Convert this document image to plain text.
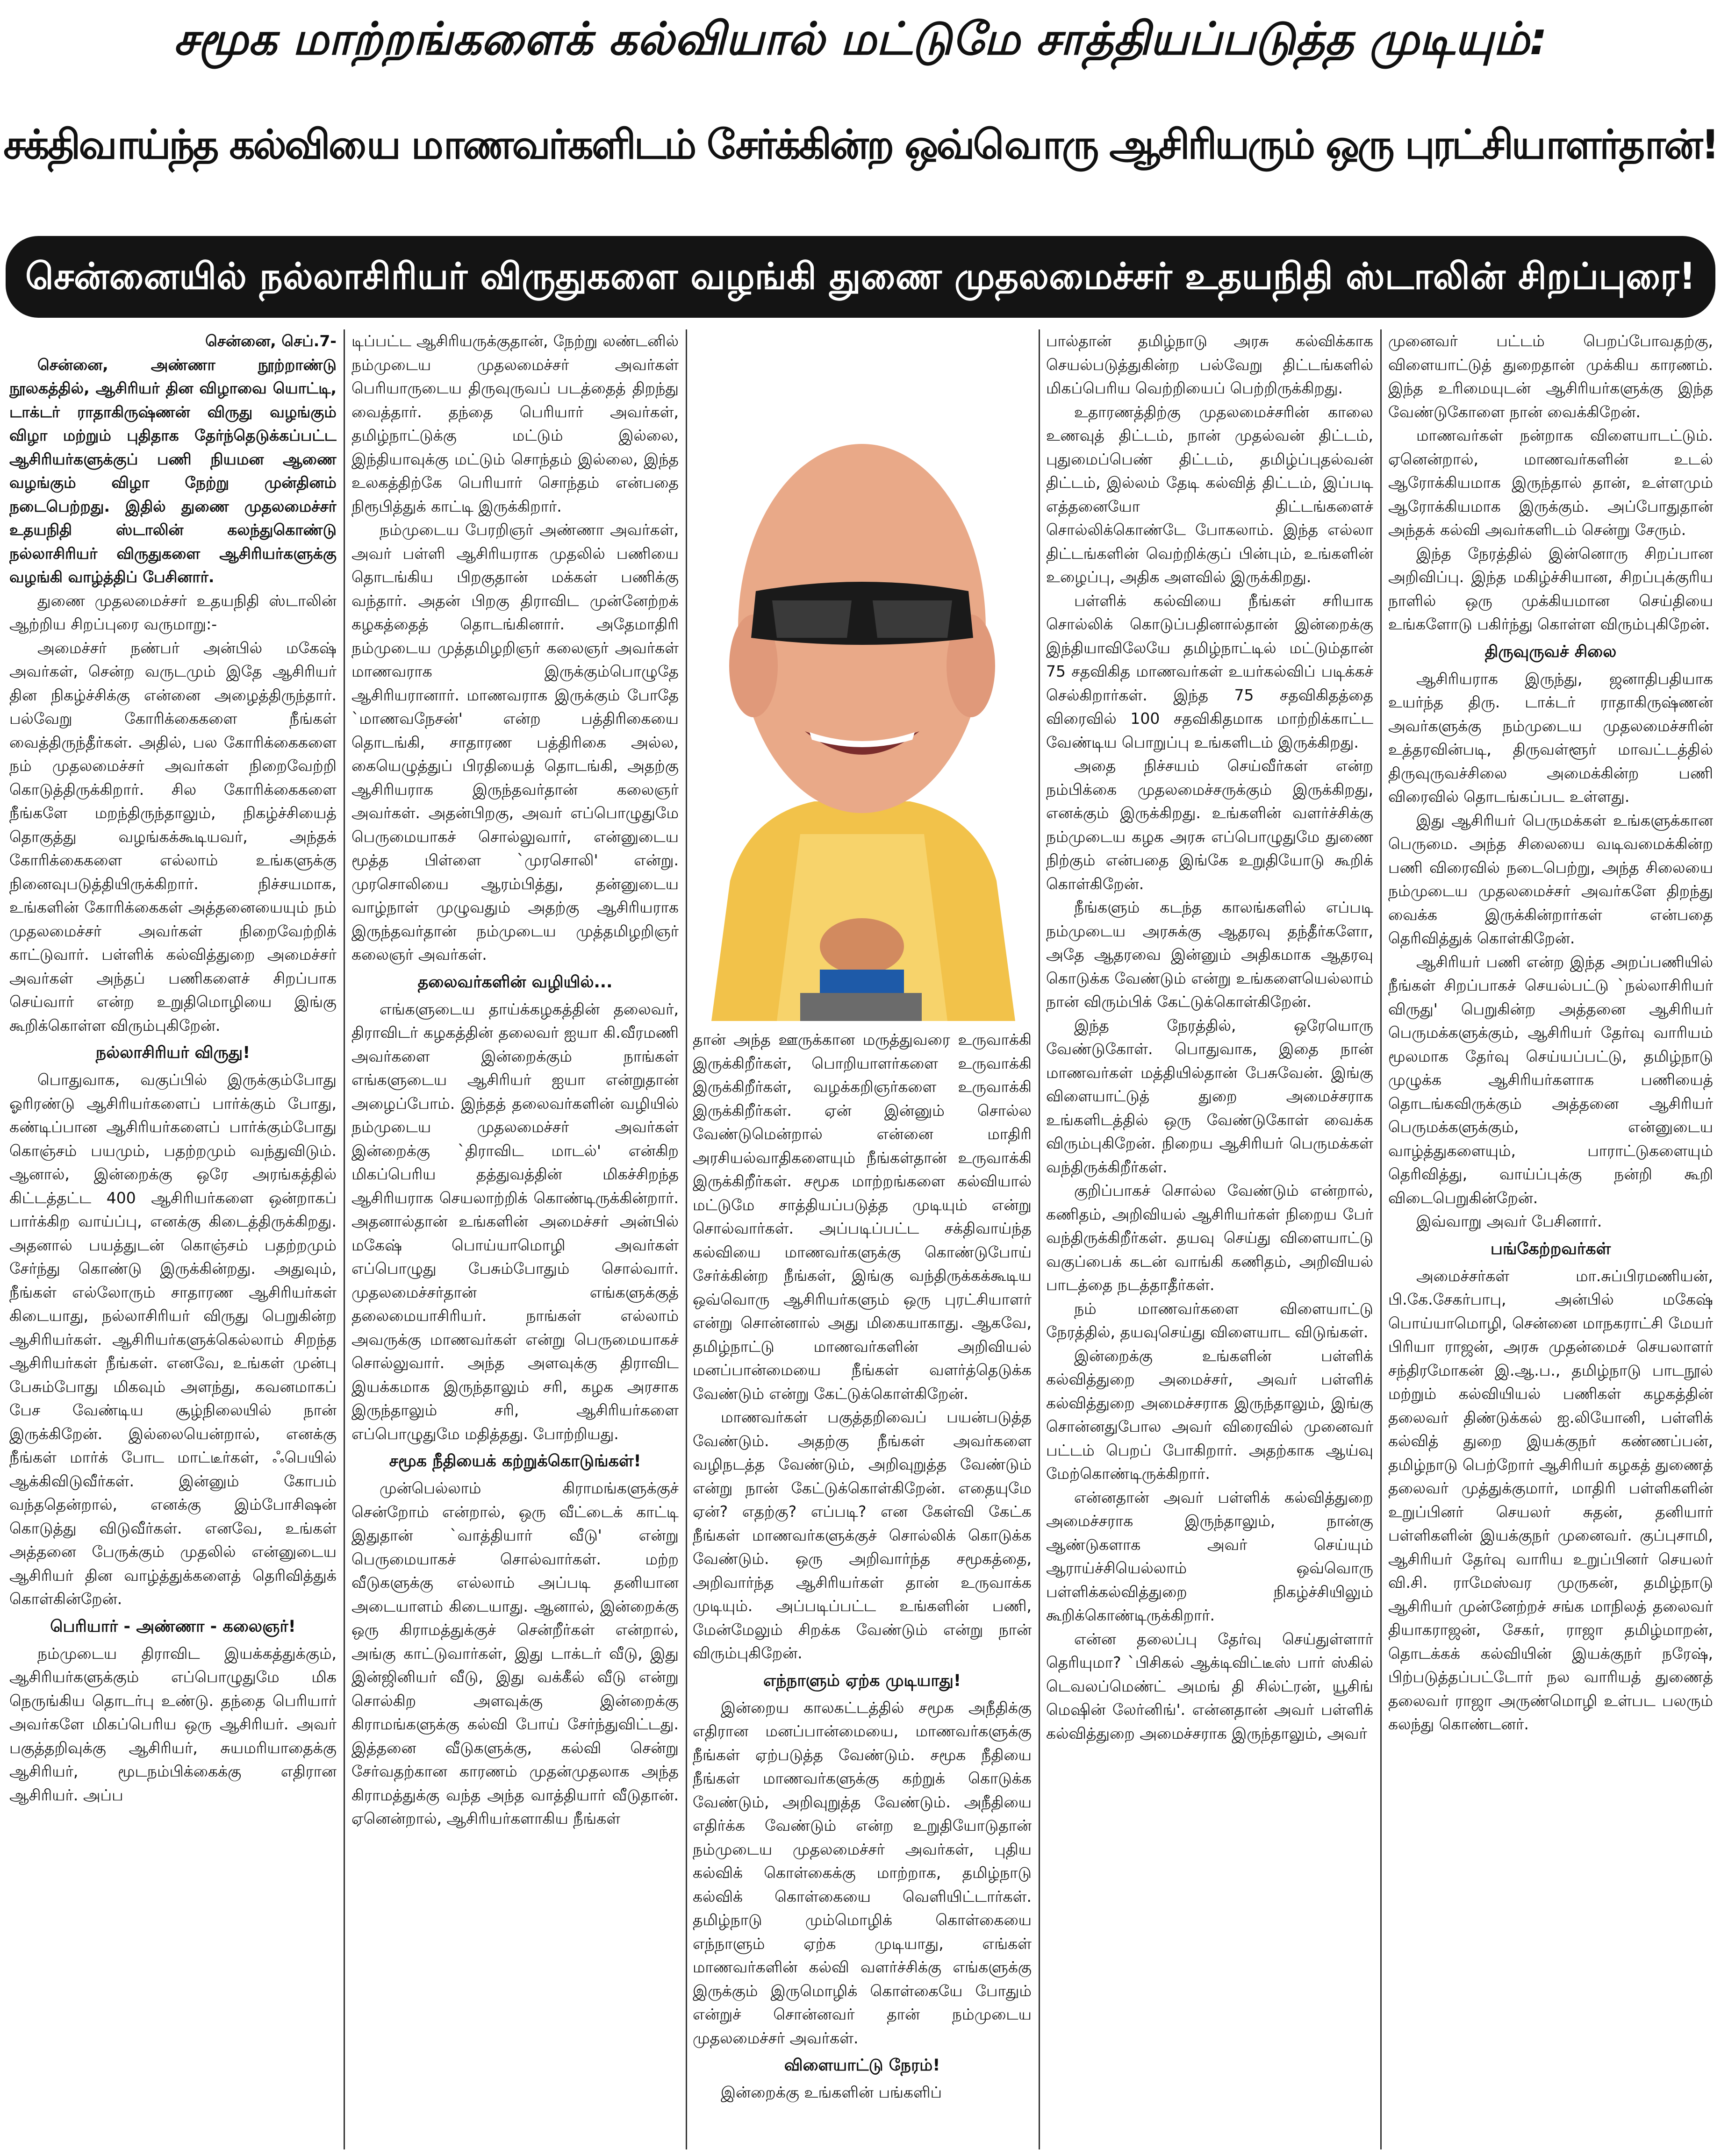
சமூக மாற்றங்களைக் கல்வியால் மட்டுமே சாத்தியப்படுத்த முடியும்:
சக்திவாய்ந்த கல்வியை மாணவர்களிடம் சேர்க்கின்ற ஒவ்வொரு ஆசிரியரும் ஒரு புரட்சியாளர்தான்!
சென்னையில் நல்லாசிரியர் விருதுகளை வழங்கி துணை முதலமைச்சர் உதயநிதி ஸ்டாலின் சிறப்புரை!

சென்னை, செப்.7-

சென்னை, அண்ணா நூற்றாண்டு நூலகத்தில், ஆசிரியர் தின விழாவை யொட்டி, டாக்டர் ராதாகிருஷ்ணன் விருது வழங்கும் விழா மற்றும் புதிதாக தேர்ந்தெடுக்கப்பட்ட ஆசிரியர்களுக்குப் பணி நியமன ஆணை வழங்கும் விழா நேற்று முன்தினம் நடைபெற்றது. இதில் துணை முதலமைச்சர் உதயநிதி ஸ்டாலின் கலந்துகொண்டு நல்லாசிரியர் விருதுகளை ஆசிரியர்களுக்கு வழங்கி வாழ்த்திப் பேசினார்.

துணை முதலமைச்சர் உதயநிதி ஸ்டாலின் ஆற்றிய சிறப்புரை வருமாறு:-

அமைச்சர் நண்பர் அன்பில் மகேஷ் அவர்கள், சென்ற வருடமும் இதே ஆசிரியர் தின நிகழ்ச்சிக்கு என்னை அழைத்திருந்தார். பல்வேறு கோரிக்கைகளை நீங்கள் வைத்திருந்தீர்கள். அதில், பல கோரிக்கைகளை நம் முதலமைச்சர் அவர்கள் நிறைவேற்றி கொடுத்திருக்கிறார். சில கோரிக்கைகளை நீங்களே மறந்திருந்தாலும், நிகழ்ச்சியைத் தொகுத்து வழங்கக்கூடியவர், அந்தக் கோரிக்கைகளை எல்லாம் உங்களுக்கு நினைவுபடுத்தியிருக்கிறார். நிச்சயமாக, உங்களின் கோரிக்கைகள் அத்தனையையும் நம் முதலமைச்சர் அவர்கள் நிறைவேற்றிக் காட்டுவார். பள்ளிக் கல்வித்துறை அமைச்சர் அவர்கள் அந்தப் பணிகளைச் சிறப்பாக செய்வார் என்ற உறுதிமொழியை இங்கு கூறிக்கொள்ள விரும்புகிறேன்.

நல்லாசிரியர் விருது!

பொதுவாக, வகுப்பில் இருக்கும்போது ஓரிரண்டு ஆசிரியர்களைப் பார்க்கும் போது, கண்டிப்பான ஆசிரியர்களைப் பார்க்கும்போது கொஞ்சம் பயமும், பதற்றமும் வந்துவிடும். ஆனால், இன்றைக்கு ஒரே அரங்கத்தில் கிட்டத்தட்ட 400 ஆசிரியர்களை ஒன்றாகப் பார்க்கிற வாய்ப்பு, எனக்கு கிடைத்திருக்கிறது. அதனால் பயத்துடன் கொஞ்சம் பதற்றமும் சேர்ந்து கொண்டு இருக்கின்றது. அதுவும், நீங்கள் எல்லோரும் சாதாரண ஆசிரியர்கள் கிடையாது, நல்லாசிரியர் விருது பெறுகின்ற ஆசிரியர்கள். ஆசிரியர்களுக்கெல்லாம் சிறந்த ஆசிரியர்கள் நீங்கள். எனவே, உங்கள் முன்பு பேசும்போது மிகவும் அளந்து, கவனமாகப் பேச வேண்டிய சூழ்நிலையில் நான் இருக்கிறேன். இல்லையென்றால், எனக்கு நீங்கள் மார்க் போட மாட்டீர்கள், ஃபெயில் ஆக்கிவிடுவீர்கள். இன்னும் கோபம் வந்ததென்றால், எனக்கு இம்போசிஷன் கொடுத்து விடுவீர்கள். எனவே, உங்கள் அத்தனை பேருக்கும் முதலில் என்னுடைய ஆசிரியர் தின வாழ்த்துக்களைத் தெரிவித்துக் கொள்கின்றேன்.

பெரியார் - அண்ணா - கலைஞர்!

நம்முடைய திராவிட இயக்கத்துக்கும், ஆசிரியர்களுக்கும் எப்பொழுதுமே மிக நெருங்கிய தொடர்பு உண்டு. தந்தை பெரியார் அவர்களே மிகப்பெரிய ஒரு ஆசிரியர். அவர் பகுத்தறிவுக்கு ஆசிரியர், சுயமரியாதைக்கு ஆசிரியர், மூடநம்பிக்கைக்கு எதிரான ஆசிரியர். அப்ப

டிப்பட்ட ஆசிரியருக்குதான், நேற்று லண்டனில் நம்முடைய முதலமைச்சர் அவர்கள் பெரியாருடைய திருவுருவப் படத்தைத் திறந்து வைத்தார். தந்தை பெரியார் அவர்கள், தமிழ்நாட்டுக்கு மட்டும் இல்லை, இந்தியாவுக்கு மட்டும் சொந்தம் இல்லை, இந்த உலகத்திற்கே பெரியார் சொந்தம் என்பதை நிரூபித்துக் காட்டி இருக்கிறார்.

நம்முடைய பேரறிஞர் அண்ணா அவர்கள், அவர் பள்ளி ஆசிரியராக முதலில் பணியை தொடங்கிய பிறகுதான் மக்கள் பணிக்கு வந்தார். அதன் பிறகு திராவிட முன்னேற்றக் கழகத்தைத் தொடங்கினார். அதேமாதிரி நம்முடைய முத்தமிழறிஞர் கலைஞர் அவர்கள் மாணவராக இருக்கும்பொழுதே ஆசிரியரானார். மாணவராக இருக்கும் போதே `மாணவநேசன்' என்ற பத்திரிகையை தொடங்கி, சாதாரண பத்திரிகை அல்ல, கையெழுத்துப் பிரதியைத் தொடங்கி, அதற்கு ஆசிரியராக இருந்தவர்தான் கலைஞர் அவர்கள். அதன்பிறகு, அவர் எப்பொழுதுமே பெருமையாகச் சொல்லுவார், என்னுடைய மூத்த பிள்ளை `முரசொலி' என்று. முரசொலியை ஆரம்பித்து, தன்னுடைய வாழ்நாள் முழுவதும் அதற்கு ஆசிரியராக இருந்தவர்தான் நம்முடைய முத்தமிழறிஞர் கலைஞர் அவர்கள்.

தலைவர்களின் வழியில்...

எங்களுடைய தாய்க்கழகத்தின் தலைவர், திராவிடர் கழகத்தின் தலைவர் ஐயா கி.வீரமணி அவர்களை இன்றைக்கும் நாங்கள் எங்களுடைய ஆசிரியர் ஐயா என்றுதான் அழைப்போம். இந்தத் தலைவர்களின் வழியில் நம்முடைய முதலமைச்சர் அவர்கள் இன்றைக்கு `திராவிட மாடல்' என்கிற மிகப்பெரிய தத்துவத்தின் மிகச்சிறந்த ஆசிரியராக செயலாற்றிக் கொண்டிருக்கின்றார். அதனால்தான் உங்களின் அமைச்சர் அன்பில் மகேஷ் பொய்யாமொழி அவர்கள் எப்பொழுது பேசும்போதும் சொல்வார். முதலமைச்சர்தான் எங்களுக்குத் தலைமையாசிரியர். நாங்கள் எல்லாம் அவருக்கு மாணவர்கள் என்று பெருமையாகச் சொல்லுவார். அந்த அளவுக்கு திராவிட இயக்கமாக இருந்தாலும் சரி, கழக அரசாக இருந்தாலும் சரி, ஆசிரியர்களை எப்பொழுதுமே மதித்தது. போற்றியது.

சமூக நீதியைக் கற்றுக்கொடுங்கள்!

முன்பெல்லாம் கிராமங்களுக்குச் சென்றோம் என்றால், ஒரு வீட்டைக் காட்டி இதுதான் `வாத்தியார் வீடு' என்று பெருமையாகச் சொல்வார்கள். மற்ற வீடுகளுக்கு எல்லாம் அப்படி தனியான அடையாளம் கிடையாது. ஆனால், இன்றைக்கு ஒரு கிராமத்துக்குச் சென்றீர்கள் என்றால், அங்கு காட்டுவார்கள், இது டாக்டர் வீடு, இது இன்ஜினியர் வீடு, இது வக்கீல் வீடு என்று சொல்கிற அளவுக்கு இன்றைக்கு கிராமங்களுக்கு கல்வி போய் சேர்ந்துவிட்டது. இத்தனை வீடுகளுக்கு, கல்வி சென்று சேர்வதற்கான காரணம் முதன்முதலாக அந்த கிராமத்துக்கு வந்த அந்த வாத்தியார் வீடுதான். ஏனென்றால், ஆசிரியர்களாகிய நீங்கள்

தான் அந்த ஊருக்கான மருத்துவரை உருவாக்கி இருக்கிறீர்கள், பொறியாளர்களை உருவாக்கி இருக்கிறீர்கள், வழக்கறிஞர்களை உருவாக்கி இருக்கிறீர்கள். ஏன் இன்னும் சொல்ல வேண்டுமென்றால் என்னை மாதிரி அரசியல்வாதிகளையும் நீங்கள்தான் உருவாக்கி இருக்கிறீர்கள். சமூக மாற்றங்களை கல்வியால் மட்டுமே சாத்தியப்படுத்த முடியும் என்று சொல்வார்கள். அப்படிப்பட்ட சக்திவாய்ந்த கல்வியை மாணவர்களுக்கு கொண்டுபோய் சேர்க்கின்ற நீங்கள், இங்கு வந்திருக்கக்கூடிய ஒவ்வொரு ஆசிரியர்களும் ஒரு புரட்சியாளர் என்று சொன்னால் அது மிகையாகாது. ஆகவே, தமிழ்நாட்டு மாணவர்களின் அறிவியல் மனப்பான்மையை நீங்கள் வளர்த்தெடுக்க வேண்டும் என்று கேட்டுக்கொள்கிறேன்.

மாணவர்கள் பகுத்தறிவைப் பயன்படுத்த வேண்டும். அதற்கு நீங்கள் அவர்களை வழிநடத்த வேண்டும், அறிவுறுத்த வேண்டும் என்று நான் கேட்டுக்கொள்கிறேன். எதையுமே ஏன்? எதற்கு? எப்படி? என கேள்வி கேட்க நீங்கள் மாணவர்களுக்குச் சொல்லிக் கொடுக்க வேண்டும். ஒரு அறிவார்ந்த சமூகத்தை, அறிவார்ந்த ஆசிரியர்கள் தான் உருவாக்க முடியும். அப்படிப்பட்ட உங்களின் பணி, மேன்மேலும் சிறக்க வேண்டும் என்று நான் விரும்புகிறேன்.

எந்நாளும் ஏற்க முடியாது!

இன்றைய காலகட்டத்தில் சமூக அநீதிக்கு எதிரான மனப்பான்மையை, மாணவர்களுக்கு நீங்கள் ஏற்படுத்த வேண்டும். சமூக நீதியை நீங்கள் மாணவர்களுக்கு கற்றுக் கொடுக்க வேண்டும், அறிவுறுத்த வேண்டும். அநீதியை எதிர்க்க வேண்டும் என்ற உறுதியோடுதான் நம்முடைய முதலமைச்சர் அவர்கள், புதிய கல்விக் கொள்கைக்கு மாற்றாக, தமிழ்நாடு கல்விக் கொள்கையை வெளியிட்டார்கள். தமிழ்நாடு மும்மொழிக் கொள்கையை எந்நாளும் ஏற்க முடியாது, எங்கள் மாணவர்களின் கல்வி வளர்ச்சிக்கு எங்களுக்கு இருக்கும் இருமொழிக் கொள்கையே போதும் என்றுச் சொன்னவர் தான் நம்முடைய முதலமைச்சர் அவர்கள்.

விளையாட்டு நேரம்!

இன்றைக்கு உங்களின் பங்களிப்

பால்தான் தமிழ்நாடு அரசு கல்விக்காக செயல்படுத்துகின்ற பல்வேறு திட்டங்களில் மிகப்பெரிய வெற்றியைப் பெற்றிருக்கிறது.

உதாரணத்திற்கு முதலமைச்சரின் காலை உணவுத் திட்டம், நான் முதல்வன் திட்டம், புதுமைப்பெண் திட்டம், தமிழ்ப்புதல்வன் திட்டம், இல்லம் தேடி கல்வித் திட்டம், இப்படி எத்தனையோ திட்டங்களைச் சொல்லிக்கொண்டே போகலாம். இந்த எல்லா திட்டங்களின் வெற்றிக்குப் பின்பும், உங்களின் உழைப்பு, அதிக அளவில் இருக்கிறது.

பள்ளிக் கல்வியை நீங்கள் சரியாக சொல்லிக் கொடுப்பதினால்தான் இன்றைக்கு இந்தியாவிலேயே தமிழ்நாட்டில் மட்டும்தான் 75 சதவிகித மாணவர்கள் உயர்கல்விப் படிக்கச் செல்கிறார்கள். இந்த 75 சதவிகிதத்தை விரைவில் 100 சதவிகிதமாக மாற்றிக்காட்ட வேண்டிய பொறுப்பு உங்களிடம் இருக்கிறது.

அதை நிச்சயம் செய்வீர்கள் என்ற நம்பிக்கை முதலமைச்சருக்கும் இருக்கிறது, எனக்கும் இருக்கிறது. உங்களின் வளர்ச்சிக்கு நம்முடைய கழக அரசு எப்பொழுதுமே துணை நிற்கும் என்பதை இங்கே உறுதியோடு கூறிக் கொள்கிறேன்.

நீங்களும் கடந்த காலங்களில் எப்படி நம்முடைய அரசுக்கு ஆதரவு தந்தீர்களோ, அதே ஆதரவை இன்னும் அதிகமாக ஆதரவு கொடுக்க வேண்டும் என்று உங்களையெல்லாம் நான் விரும்பிக் கேட்டுக்கொள்கிறேன்.

இந்த நேரத்தில், ஒரேயொரு வேண்டுகோள். பொதுவாக, இதை நான் மாணவர்கள் மத்தியில்தான் பேசுவேன். இங்கு விளையாட்டுத் துறை அமைச்சராக உங்களிடத்தில் ஒரு வேண்டுகோள் வைக்க விரும்புகிறேன். நிறைய ஆசிரியர் பெருமக்கள் வந்திருக்கிறீர்கள்.

குறிப்பாகச் சொல்ல வேண்டும் என்றால், கணிதம், அறிவியல் ஆசிரியர்கள் நிறைய பேர் வந்திருக்கிறீர்கள். தயவு செய்து விளையாட்டு வகுப்பைக் கடன் வாங்கி கணிதம், அறிவியல் பாடத்தை நடத்தாதீர்கள்.

நம் மாணவர்களை விளையாட்டு நேரத்தில், தயவுசெய்து விளையாட விடுங்கள்.

இன்றைக்கு உங்களின் பள்ளிக் கல்வித்துறை அமைச்சர், அவர் பள்ளிக் கல்வித்துறை அமைச்சராக இருந்தாலும், இங்கு சொன்னதுபோல அவர் விரைவில் முனைவர் பட்டம் பெறப் போகிறார். அதற்காக ஆய்வு மேற்கொண்டிருக்கிறார்.

என்னதான் அவர் பள்ளிக் கல்வித்துறை அமைச்சராக இருந்தாலும், நான்கு ஆண்டுகளாக அவர் செய்யும் ஆராய்ச்சியெல்லாம் ஒவ்வொரு பள்ளிக்கல்வித்துறை நிகழ்ச்சியிலும் கூறிக்கொண்டிருக்கிறார்.

என்ன தலைப்பு தேர்வு செய்துள்ளார் தெரியுமா? `பிசிகல் ஆக்டிவிட்டீஸ் பார் ஸ்கில் டெவலப்மெண்ட் அமங் தி சில்ட்ரன், யூசிங் மெஷின் லேர்னிங்'. என்னதான் அவர் பள்ளிக் கல்வித்துறை அமைச்சராக இருந்தாலும், அவர்

முனைவர் பட்டம் பெறப்போவதற்கு, விளையாட்டுத் துறைதான் முக்கிய காரணம். இந்த உரிமையுடன் ஆசிரியர்களுக்கு இந்த வேண்டுகோளை நான் வைக்கிறேன்.

மாணவர்கள் நன்றாக விளையாடட்டும். ஏனென்றால், மாணவர்களின் உடல் ஆரோக்கியமாக இருந்தால் தான், உள்ளமும் ஆரோக்கியமாக இருக்கும். அப்போதுதான் அந்தக் கல்வி அவர்களிடம் சென்று சேரும்.

இந்த நேரத்தில் இன்னொரு சிறப்பான அறிவிப்பு. இந்த மகிழ்ச்சியான, சிறப்புக்குரிய நாளில் ஒரு முக்கியமான செய்தியை உங்களோடு பகிர்ந்து கொள்ள விரும்புகிறேன்.

திருவுருவச் சிலை

ஆசிரியராக இருந்து, ஜனாதிபதியாக உயர்ந்த திரு. டாக்டர் ராதாகிருஷ்ணன் அவர்களுக்கு நம்முடைய முதலமைச்சரின் உத்தரவின்படி, திருவள்ளூர் மாவட்டத்தில் திருவுருவச்சிலை அமைக்கின்ற பணி விரைவில் தொடங்கப்பட உள்ளது.

இது ஆசிரியர் பெருமக்கள் உங்களுக்கான பெருமை. அந்த சிலையை வடிவமைக்கின்ற பணி விரைவில் நடைபெற்று, அந்த சிலையை நம்முடைய முதலமைச்சர் அவர்களே திறந்து வைக்க இருக்கின்றார்கள் என்பதை தெரிவித்துக் கொள்கிறேன்.

ஆசிரியர் பணி என்ற இந்த அறப்பணியில் நீங்கள் சிறப்பாகச் செயல்பட்டு `நல்லாசிரியர் விருது' பெறுகின்ற அத்தனை ஆசிரியர் பெருமக்களுக்கும், ஆசிரியர் தேர்வு வாரியம் மூலமாக தேர்வு செய்யப்பட்டு, தமிழ்நாடு முழுக்க ஆசிரியர்களாக பணியைத் தொடங்கவிருக்கும் அத்தனை ஆசிரியர் பெருமக்களுக்கும், என்னுடைய வாழ்த்துகளையும், பாராட்டுகளையும் தெரிவித்து, வாய்ப்புக்கு நன்றி கூறி விடைபெறுகின்றேன்.

இவ்வாறு அவர் பேசினார்.

பங்கேற்றவர்கள்

அமைச்சர்கள் மா.சுப்பிரமணியன், பி.கே.சேகர்பாபு, அன்பில் மகேஷ் பொய்யாமொழி, சென்னை மாநகராட்சி மேயர் பிரியா ராஜன், அரசு முதன்மைச் செயலாளர் சந்திரமோகன் இ.ஆ.ப., தமிழ்நாடு பாடநூல் மற்றும் கல்வியியல் பணிகள் கழகத்தின் தலைவர் திண்டுக்கல் ஐ.லியோனி, பள்ளிக் கல்வித் துறை இயக்குநர் கண்ணப்பன், தமிழ்நாடு பெற்றோர் ஆசிரியர் கழகத் துணைத் தலைவர் முத்துக்குமார், மாதிரி பள்ளிகளின் உறுப்பினர் செயலர் சுதன், தனியார் பள்ளிகளின் இயக்குநர் முனைவர். குப்புசாமி, ஆசிரியர் தேர்வு வாரிய உறுப்பினர் செயலர் வி.சி. ராமேஸ்வர முருகன், தமிழ்நாடு ஆசிரியர் முன்னேற்றச் சங்க மாநிலத் தலைவர் தியாகராஜன், சேகர், ராஜா தமிழ்மாறன், தொடக்கக் கல்வியின் இயக்குநர் நரேஷ், பிற்படுத்தப்பட்டோர் நல வாரியத் துணைத் தலைவர் ராஜா அருண்மொழி உள்பட பலரும் கலந்து கொண்டனர்.
